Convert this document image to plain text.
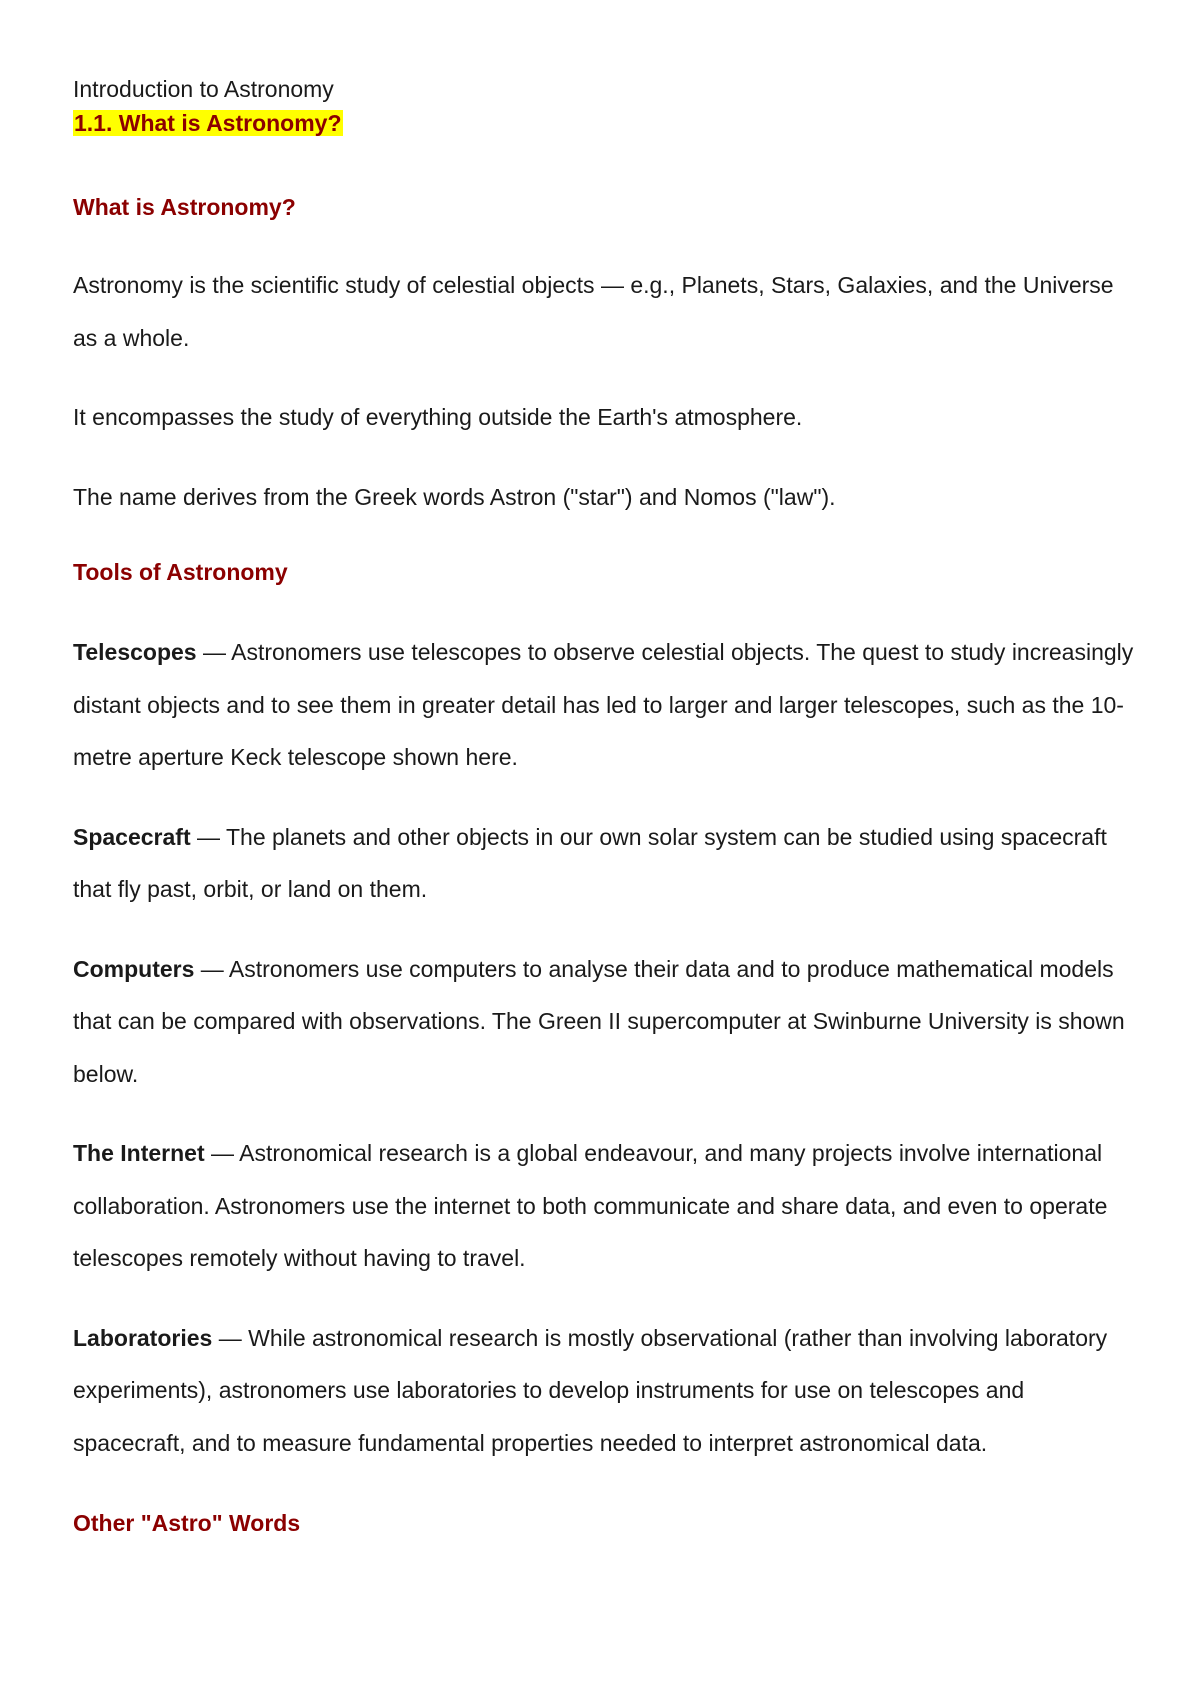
Introduction to Astronomy

1.1. What is Astronomy?

What is Astronomy?

Astronomy is the scientific study of celestial objects — e.g., Planets, Stars, Galaxies, and the Universe as a whole.

It encompasses the study of everything outside the Earth's atmosphere.

The name derives from the Greek words Astron ("star") and Nomos ("law").

Tools of Astronomy

Telescopes — Astronomers use telescopes to observe celestial objects. The quest to study increasingly distant objects and to see them in greater detail has led to larger and larger telescopes, such as the 10-metre aperture Keck telescope shown here.

Spacecraft — The planets and other objects in our own solar system can be studied using spacecraft that fly past, orbit, or land on them.

Computers — Astronomers use computers to analyse their data and to produce mathematical models that can be compared with observations. The Green II supercomputer at Swinburne University is shown below.

The Internet — Astronomical research is a global endeavour, and many projects involve international collaboration. Astronomers use the internet to both communicate and share data, and even to operate telescopes remotely without having to travel.

Laboratories — While astronomical research is mostly observational (rather than involving laboratory experiments), astronomers use laboratories to develop instruments for use on telescopes and spacecraft, and to measure fundamental properties needed to interpret astronomical data.

Other "Astro" Words
